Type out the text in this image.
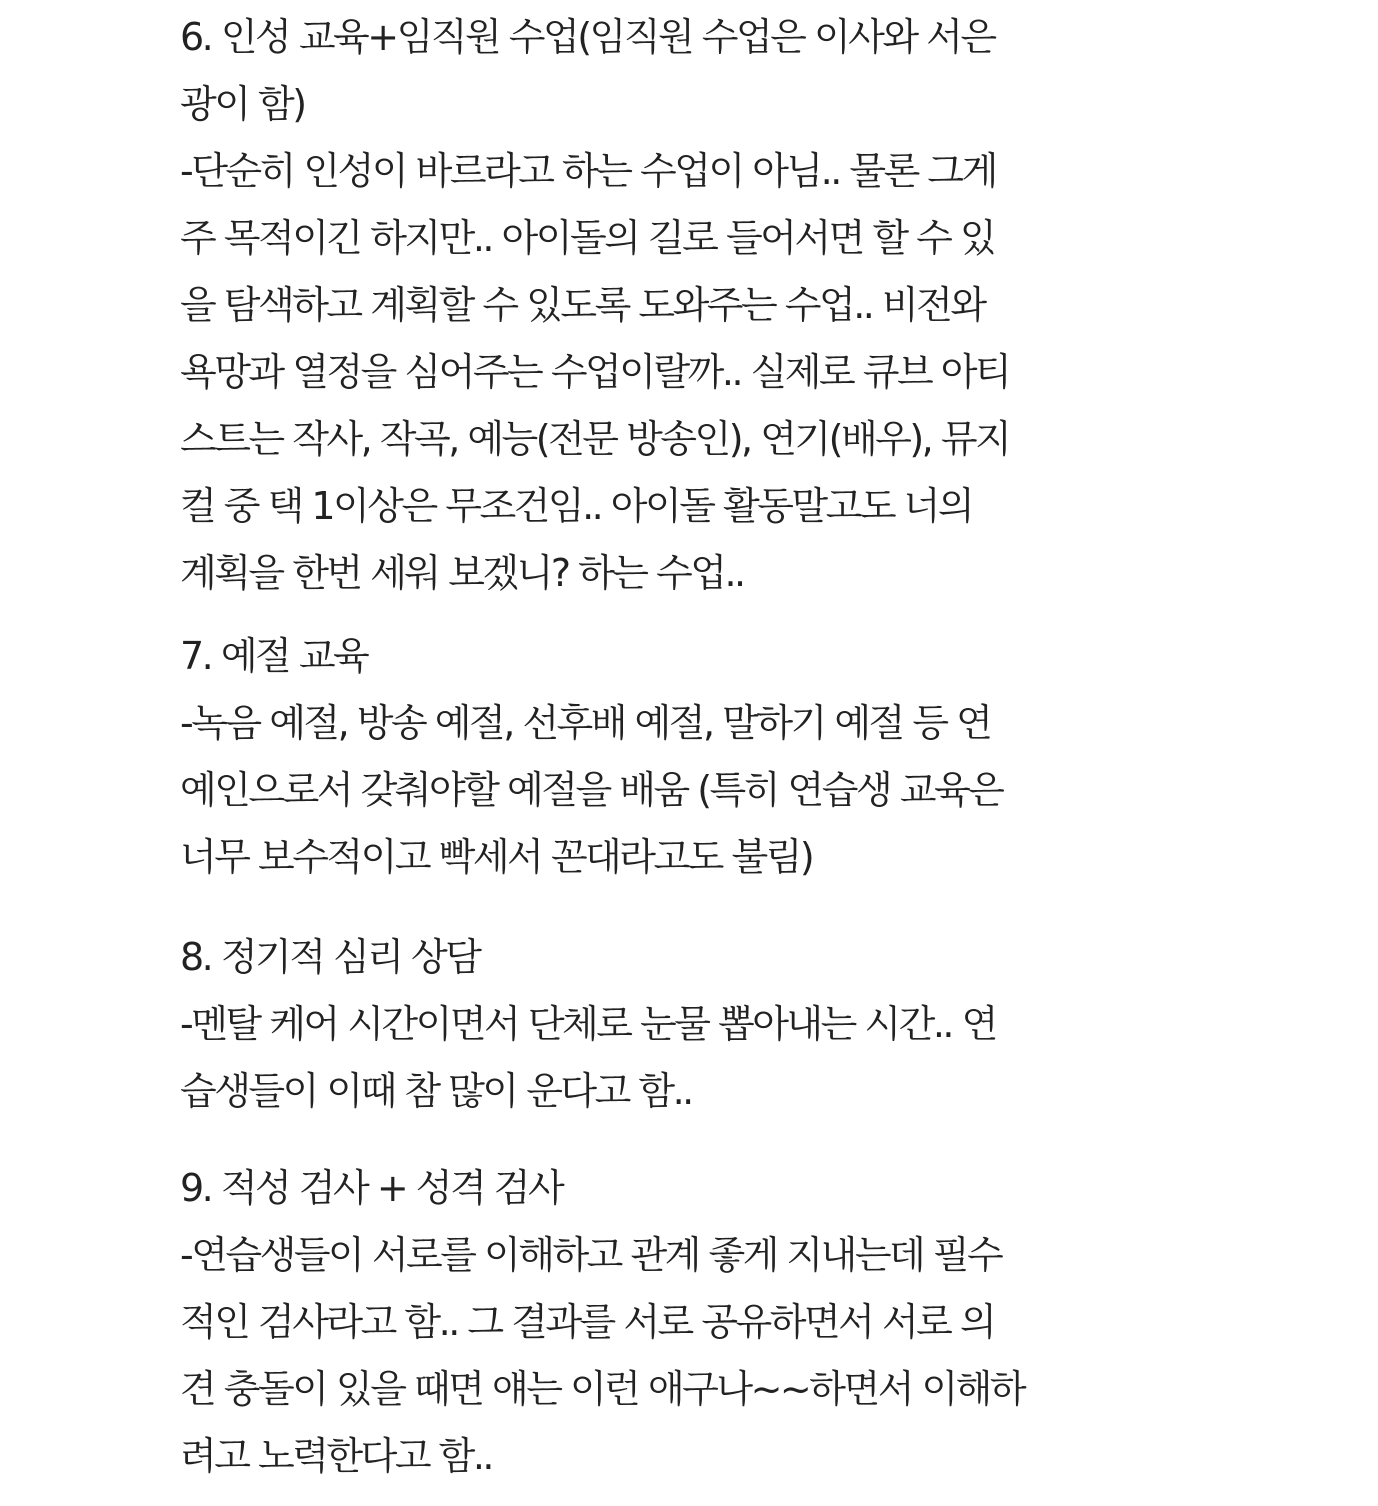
6. 인성 교육+임직원 수업(임직원 수업은 이사와 서은
광이 함)
-단순히 인성이 바르라고 하는 수업이 아님.. 물론 그게
주 목적이긴 하지만.. 아이돌의 길로 들어서면 할 수 있
을 탐색하고 계획할 수 있도록 도와주는 수업.. 비전와
욕망과 열정을 심어주는 수업이랄까.. 실제로 큐브 아티
스트는 작사, 작곡, 예능(전문 방송인), 연기(배우), 뮤지
컬 중 택 1이상은 무조건임.. 아이돌 활동말고도 너의
계획을 한번 세워 보겠니? 하는 수업..
7. 예절 교육
-녹음 예절, 방송 예절, 선후배 예절, 말하기 예절 등 연
예인으로서 갖춰야할 예절을 배움 (특히 연습생 교육은
너무 보수적이고 빡세서 꼰대라고도 불림)
8. 정기적 심리 상담
-멘탈 케어 시간이면서 단체로 눈물 뽑아내는 시간.. 연
습생들이 이때 참 많이 운다고 함..
9. 적성 검사 + 성격 검사
-연습생들이 서로를 이해하고 관계 좋게 지내는데 필수
적인 검사라고 함.. 그 결과를 서로 공유하면서 서로 의
견 충돌이 있을 때면 얘는 이런 애구나~~하면서 이해하
려고 노력한다고 함..
